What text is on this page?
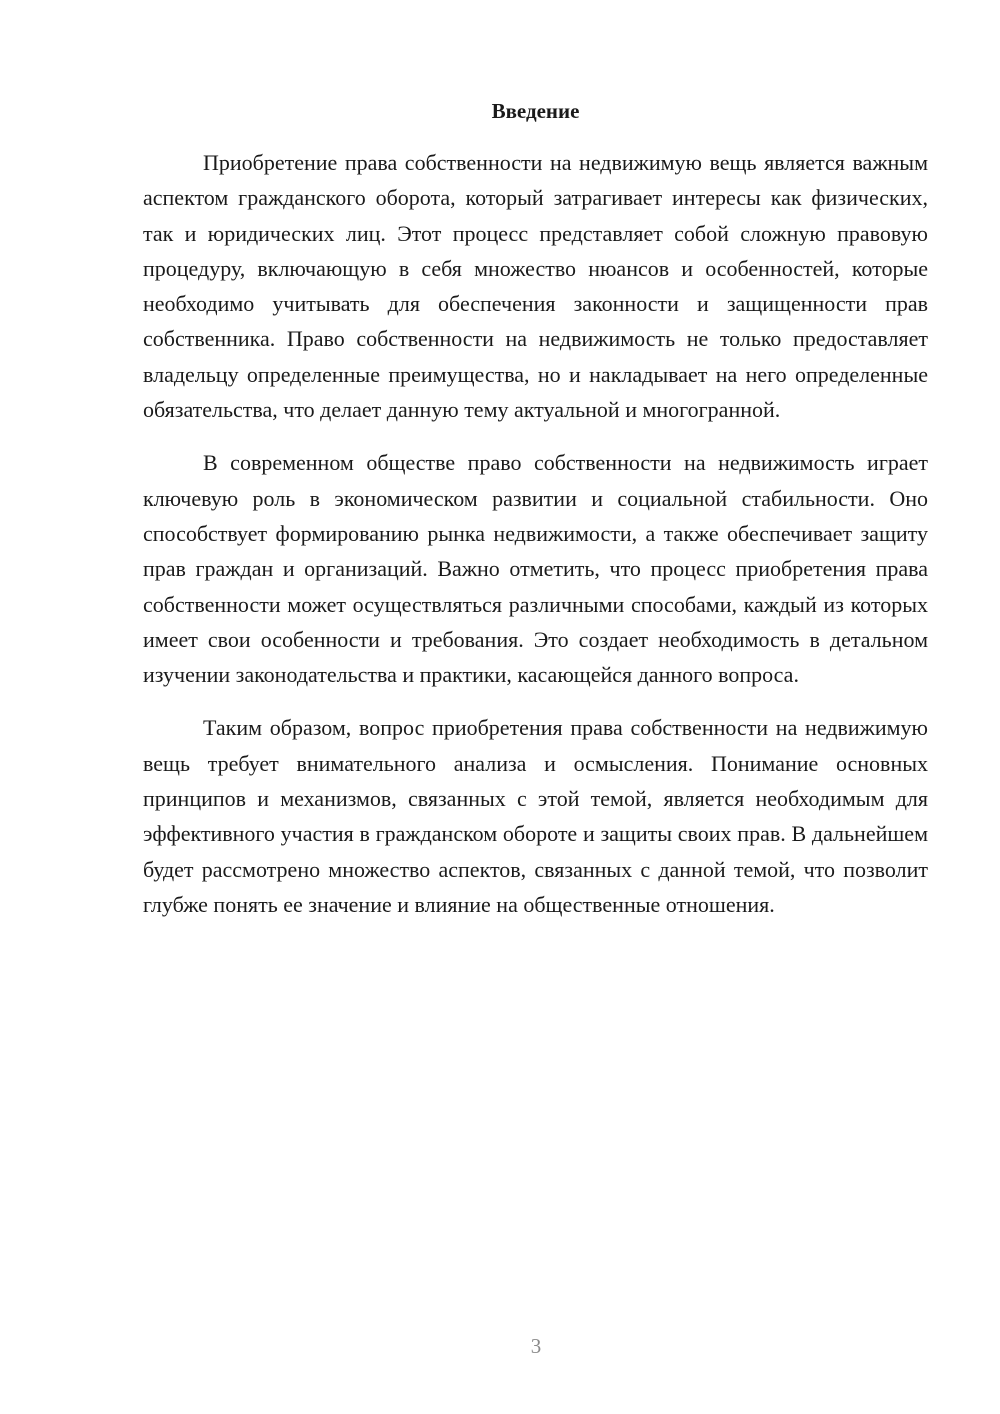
Введение

Приобретение права собственности на недвижимую вещь является важным аспектом гражданского оборота, который затрагивает интересы как физических, так и юридических лиц. Этот процесс представляет собой сложную правовую процедуру, включающую в себя множество нюансов и особенностей, которые необходимо учитывать для обеспечения законности и защищенности прав собственника. Право собственности на недвижимость не только предоставляет владельцу определенные преимущества, но и накладывает на него определенные обязательства, что делает данную тему актуальной и многогранной.

В современном обществе право собственности на недвижимость играет ключевую роль в экономическом развитии и социальной стабильности. Оно способствует формированию рынка недвижимости, а также обеспечивает защиту прав граждан и организаций. Важно отметить, что процесс приобретения права собственности может осуществляться различными способами, каждый из которых имеет свои особенности и требования. Это создает необходимость в детальном изучении законодательства и практики, касающейся данного вопроса.

Таким образом, вопрос приобретения права собственности на недвижимую вещь требует внимательного анализа и осмысления. Понимание основных принципов и механизмов, связанных с этой темой, является необходимым для эффективного участия в гражданском обороте и защиты своих прав. В дальнейшем будет рассмотрено множество аспектов, связанных с данной темой, что позволит глубже понять ее значение и влияние на общественные отношения.

3
